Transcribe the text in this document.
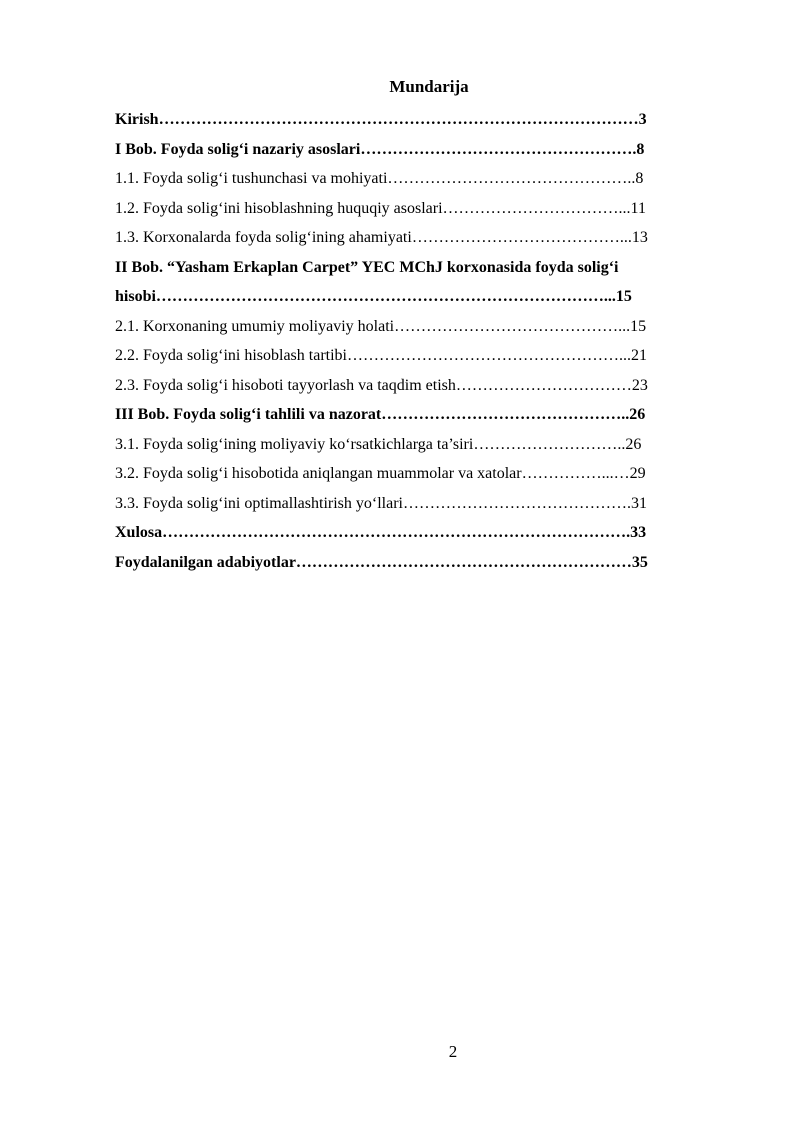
Mundarija
Kirish………………………………………………………………………………3
I Bob. Foyda solig‘i nazariy asoslari…………………………………………….8
1.1. Foyda solig‘i tushunchasi va mohiyati………………………………………..8
1.2. Foyda solig‘ini hisoblashning huquqiy asoslari……………………………...11
1.3. Korxonalarda foyda solig‘ining ahamiyati…………………………………...13
II Bob. “Yasham Erkaplan Carpet” YEC MChJ korxonasida foyda solig‘i
hisobi…………………………………………………………………………...15
2.1. Korxonaning umumiy moliyaviy holati……………………………………...15
2.2. Foyda solig‘ini hisoblash tartibi……………………………………………...21
2.3. Foyda solig‘i hisoboti tayyorlash va taqdim etish……………………………23
III Bob. Foyda solig‘i tahlili va nazorat………………………………………..26
3.1. Foyda solig‘ining moliyaviy ko‘rsatkichlarga ta’siri………………………..26
3.2. Foyda solig‘i hisobotida aniqlangan muammolar va xatolar……………...…29
3.3. Foyda solig‘ini optimallashtirish yo‘llari…………………………………….31
Xulosa…………………………………………………………………………….33
Foydalanilgan adabiyotlar………………………………………………………35
2
